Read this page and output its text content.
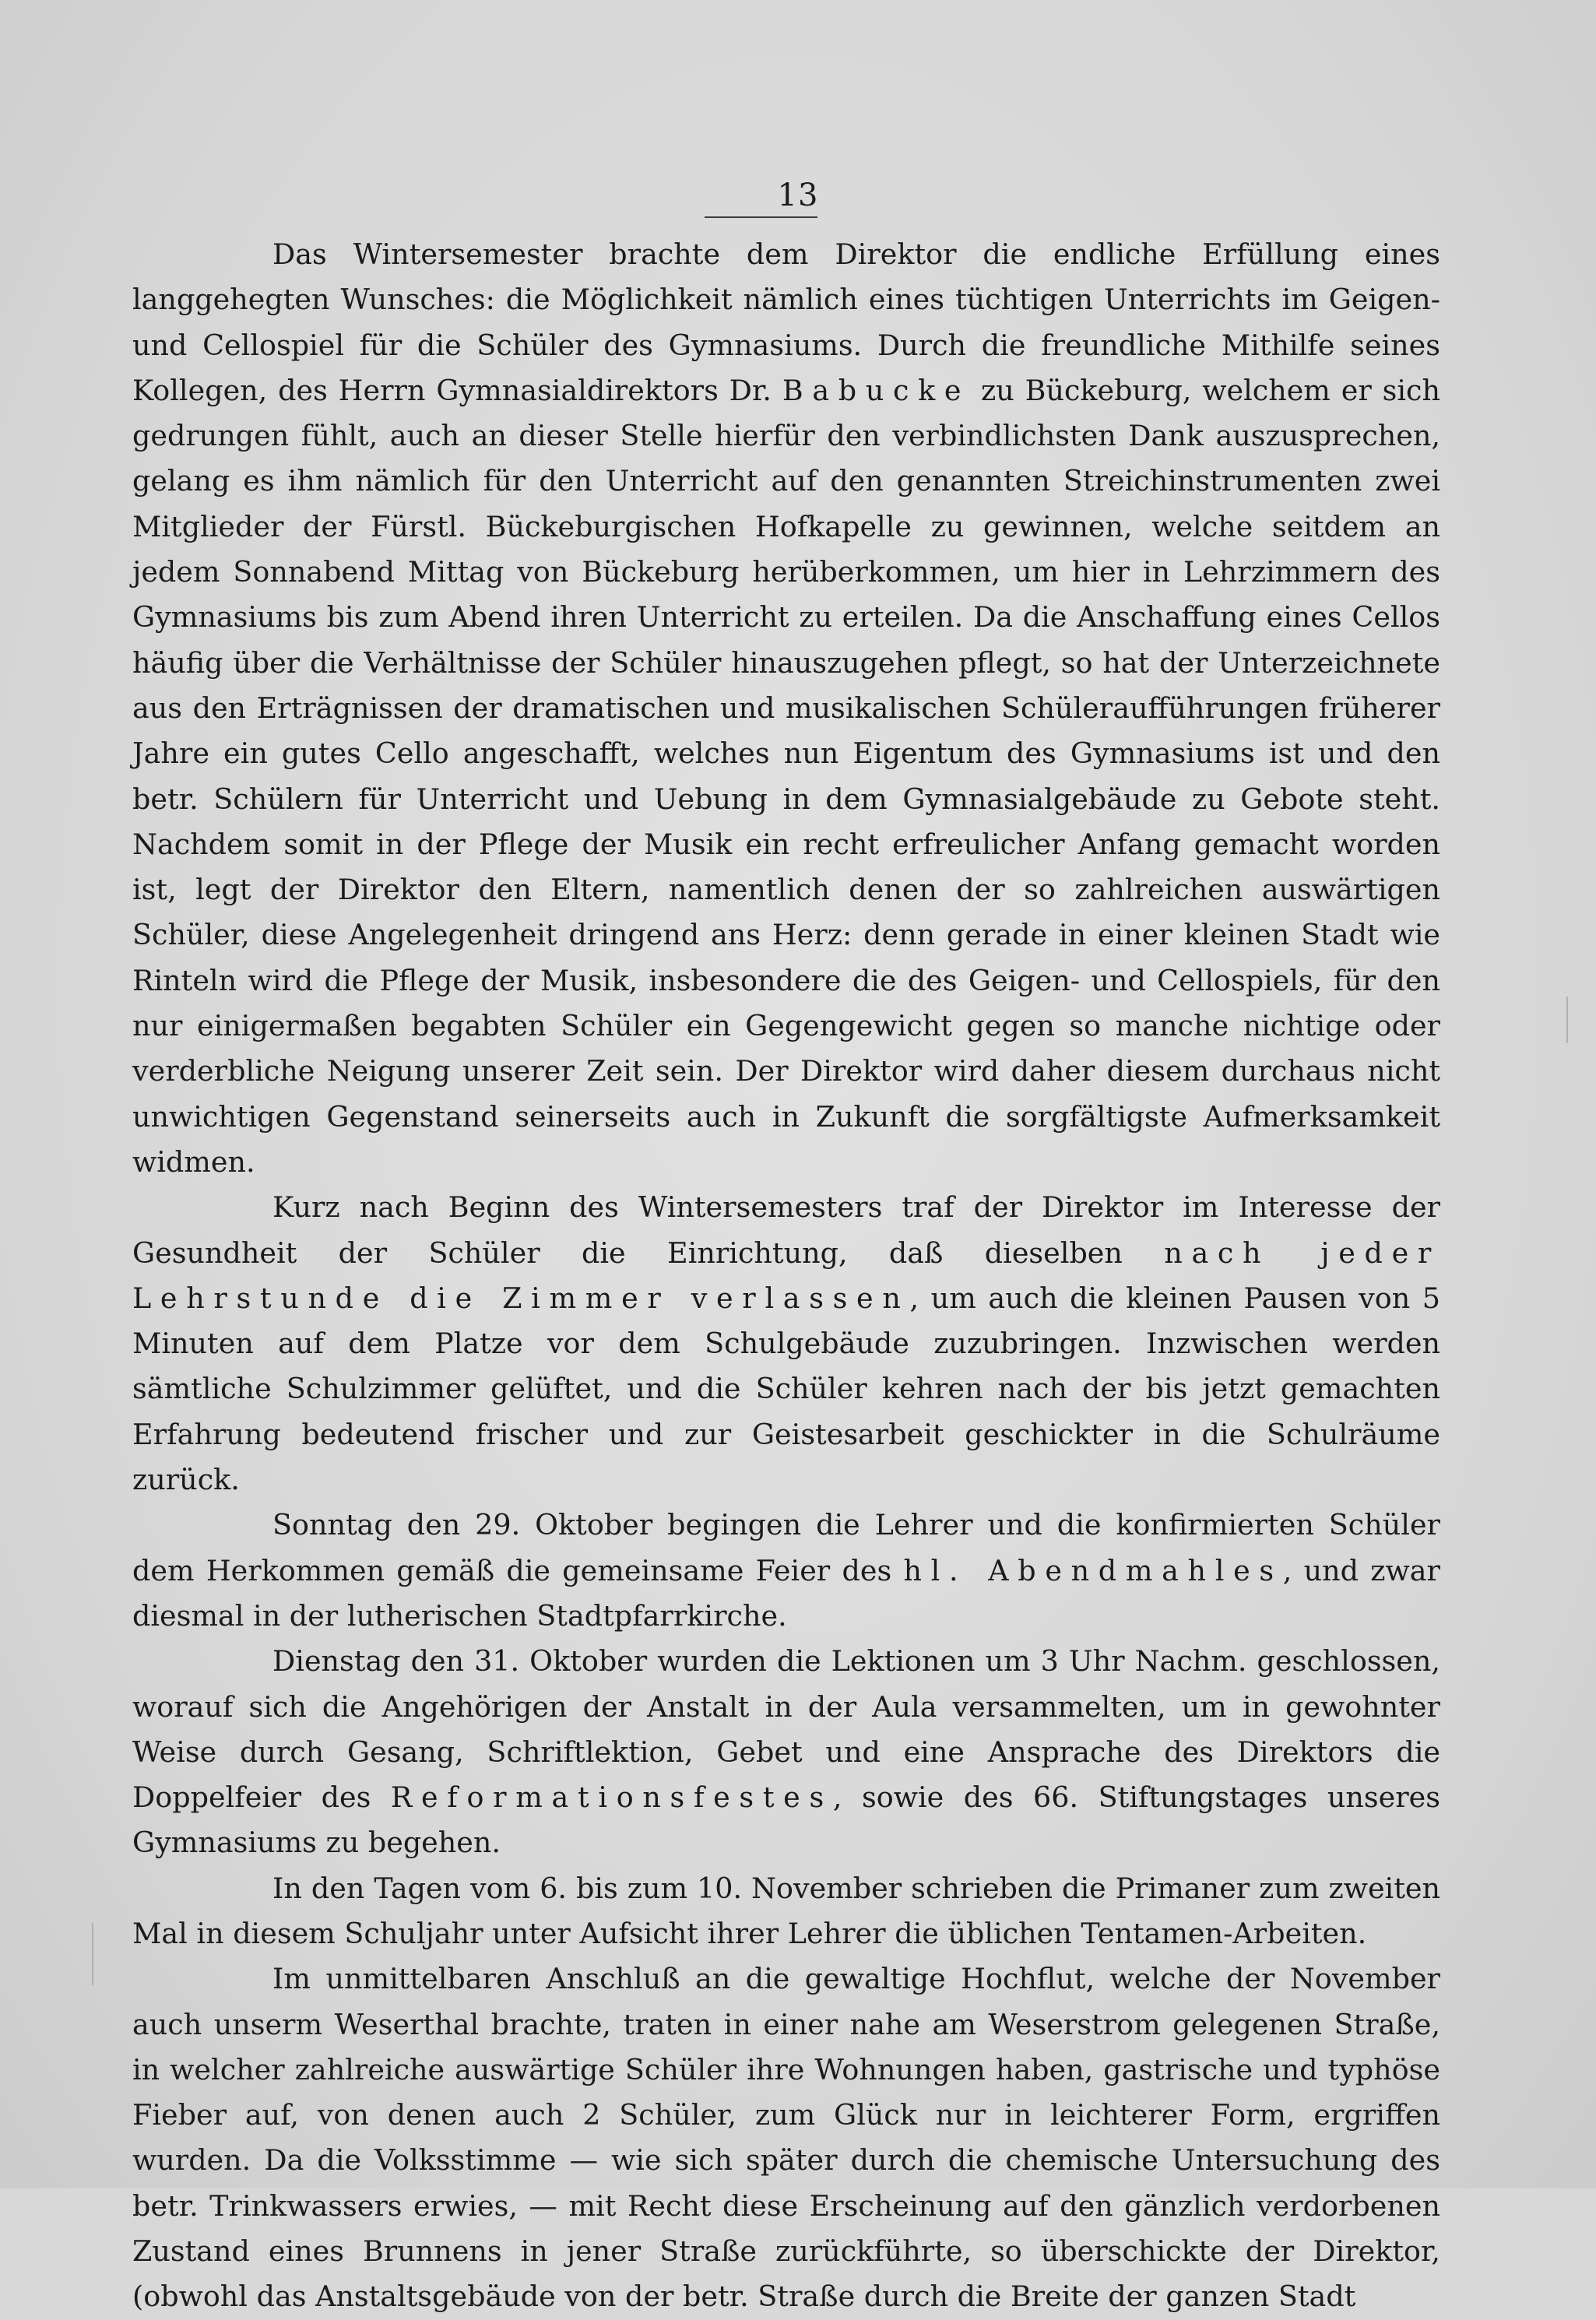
13

Das Wintersemester brachte dem Direktor die endliche Erfüllung eines langgehegten Wunsches: die Möglichkeit nämlich eines tüchtigen Unterrichts im Geigen- und Cellospiel für die Schüler des Gymnasiums. Durch die freundliche Mithilfe seines Kollegen, des Herrn Gymnasialdirektors Dr. Babucke zu Bückeburg, welchem er sich gedrungen fühlt, auch an dieser Stelle hierfür den verbindlichsten Dank auszusprechen, gelang es ihm nämlich für den Unterricht auf den genannten Streichinstrumenten zwei Mitglieder der Fürstl. Bückeburgischen Hofkapelle zu gewinnen, welche seitdem an jedem Sonnabend Mittag von Bückeburg herüberkommen, um hier in Lehrzimmern des Gymnasiums bis zum Abend ihren Unterricht zu erteilen. Da die Anschaffung eines Cellos häufig über die Verhältnisse der Schüler hinauszugehen pflegt, so hat der Unterzeichnete aus den Erträgnissen der dramatischen und musikalischen Schüleraufführungen früherer Jahre ein gutes Cello angeschafft, welches nun Eigentum des Gymnasiums ist und den betr. Schülern für Unterricht und Uebung in dem Gymnasialgebäude zu Gebote steht. Nachdem somit in der Pflege der Musik ein recht erfreulicher Anfang gemacht worden ist, legt der Direktor den Eltern, namentlich denen der so zahlreichen auswärtigen Schüler, diese Angelegenheit dringend ans Herz: denn gerade in einer kleinen Stadt wie Rinteln wird die Pflege der Musik, insbesondere die des Geigen- und Cellospiels, für den nur einigermaßen begabten Schüler ein Gegengewicht gegen so manche nichtige oder verderbliche Neigung unserer Zeit sein. Der Direktor wird daher diesem durchaus nicht unwichtigen Gegenstand seinerseits auch in Zukunft die sorgfältigste Aufmerksamkeit widmen.

Kurz nach Beginn des Wintersemesters traf der Direktor im Interesse der Gesundheit der Schüler die Einrichtung, daß dieselben nach jeder Lehrstunde die Zimmer verlassen, um auch die kleinen Pausen von 5 Minuten auf dem Platze vor dem Schulgebäude zuzubringen. Inzwischen werden sämtliche Schulzimmer gelüftet, und die Schüler kehren nach der bis jetzt gemachten Erfahrung bedeutend frischer und zur Geistesarbeit geschickter in die Schulräume zurück.

Sonntag den 29. Oktober begingen die Lehrer und die konfirmierten Schüler dem Herkommen gemäß die gemeinsame Feier des hl. Abendmahles, und zwar diesmal in der lutherischen Stadtpfarrkirche.

Dienstag den 31. Oktober wurden die Lektionen um 3 Uhr Nachm. geschlossen, worauf sich die Angehörigen der Anstalt in der Aula versammelten, um in gewohnter Weise durch Gesang, Schriftlektion, Gebet und eine Ansprache des Direktors die Doppelfeier des Reformationsfestes, sowie des 66. Stiftungstages unseres Gymnasiums zu begehen.

In den Tagen vom 6. bis zum 10. November schrieben die Primaner zum zweiten Mal in diesem Schuljahr unter Aufsicht ihrer Lehrer die üblichen Tentamen-Arbeiten.

Im unmittelbaren Anschluß an die gewaltige Hochflut, welche der November auch unserm Weserthal brachte, traten in einer nahe am Weserstrom gelegenen Straße, in welcher zahlreiche auswärtige Schüler ihre Wohnungen haben, gastrische und typhöse Fieber auf, von denen auch 2 Schüler, zum Glück nur in leichterer Form, ergriffen wurden. Da die Volksstimme — wie sich später durch die chemische Untersuchung des betr. Trinkwassers erwies, — mit Recht diese Erscheinung auf den gänzlich verdorbenen Zustand eines Brunnens in jener Straße zurückführte, so überschickte der Direktor, (obwohl das Anstaltsgebäude von der betr. Straße durch die Breite der ganzen Stadt
